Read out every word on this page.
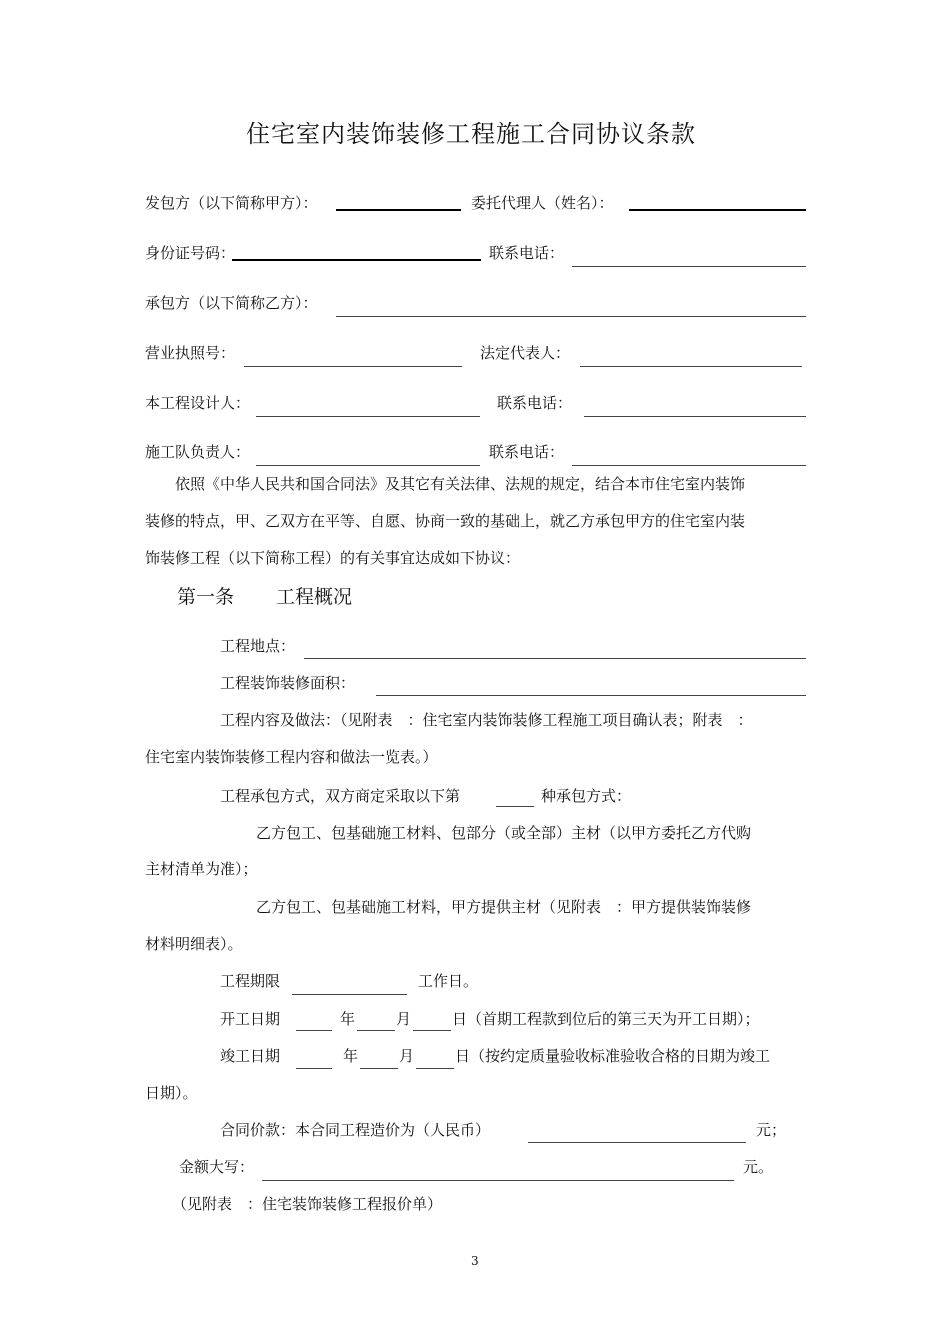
住宅室内装饰装修工程施工合同协议条款
发包方（以下简称甲方）：	委托代理人（姓名）：
身份证号码：	联系电话：
承包方（以下简称乙方）：
营业执照号：	法定代表人：
本工程设计人：	联系电话：
施工队负责人：	联系电话：
依照《中华人民共和国合同法》及其它有关法律、法规的规定，结合本市住宅室内装饰
装修的特点，甲、乙双方在平等、自愿、协商一致的基础上，就乙方承包甲方的住宅室内装
饰装修工程（以下简称工程）的有关事宜达成如下协议：
第一条 工程概况
工程地点：
工程装饰装修面积：
工程内容及做法：（见附表　：住宅室内装饰装修工程施工项目确认表；附表　：
住宅室内装饰装修工程内容和做法一览表。）
工程承包方式，双方商定采取以下第	种承包方式：
乙方包工、包基础施工材料、包部分（或全部）主材（以甲方委托乙方代购
主材清单为准）；
乙方包工、包基础施工材料，甲方提供主材（见附表　：甲方提供装饰装修
材料明细表）。
工程期限	工作日。
开工日期	年	月	日（首期工程款到位后的第三天为开工日期）；
竣工日期	年	月	日（按约定质量验收标准验收合格的日期为竣工
日期）。
合同价款：本合同工程造价为（人民币）	元；
金额大写：	元。
（见附表　：住宅装饰装修工程报价单）
3
